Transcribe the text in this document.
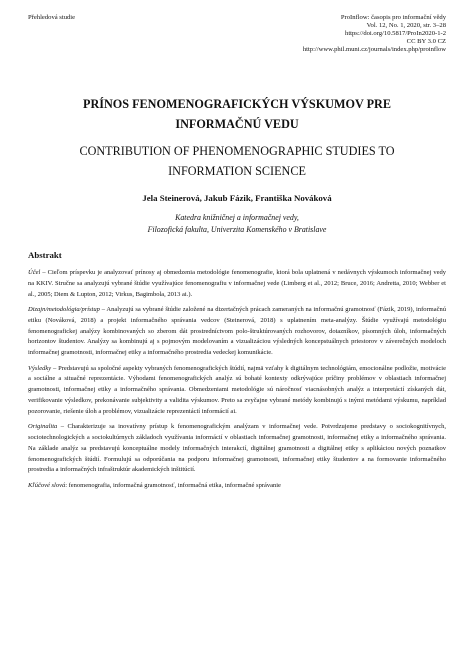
Přehledová studie	ProInflow: časopis pro informační vědy
Vol. 12, No. 1, 2020, str. 3–28
https://doi.org/10.5817/ProIn2020-1-2
CC BY 3.0 CZ
http://www.phil.muni.cz/journals/index.php/proinflow
PRÍNOS FENOMENOGRAFICKÝCH VÝSKUMOV PRE
INFORMAČNÚ VEDU
CONTRIBUTION OF PHENOMENOGRAPHIC STUDIES TO
INFORMATION SCIENCE
Jela Steinerová, Jakub Fázik, Františka Nováková
Katedra knižničnej a informačnej vedy,
Filozofická fakulta, Univerzita Komenského v Bratislave
Abstrakt

Účel – Cieľom príspevku je analyzovať prínosy aj obmedzenia metodológie fenomenografie, ktorá bola uplatnená v nedávnych výskumoch informačnej vedy na KKIV. Stručne sa analyzujú vybrané štúdie využívajúce fenomenografiu v informačnej vede (Limberg et al., 2012; Bruce, 2016; Andretta, 2010; Webber et al., 2005; Diem & Lupton, 2012; Virkus, Bagimbola, 2013 ai.).

Dizajn/metodológia/prístup – Analyzujú sa vybrané štúdie založené na dizertačných prácach zameraných na informačnú gramotnosť (Fázik, 2019), informačnú etiku (Nováková, 2018) a projekt informačného správania vedcov (Steinerová, 2018) s uplatnením meta-analýzy. Štúdie využívajú metodológiu fenomenografickej analýzy kombinovaných so zberom dát prostredníctvom polo-štruktúrovaných rozhovorov, dotazníkov, písomných úloh, informačných horizontov študentov. Analýzy sa kombinujú aj s pojmovým modelovaním a vizualizáciou výsledných koncepstuálnych priestorov v záverečných modeloch informačnej gramotnosti, informačnej etiky a informačného prostredia vedeckej komunikácie.

Výsledky – Predstavujú sa spoločné aspekty vybraných fenomenografických štúdií, najmä vzťahy k digitálnym technológiám, emocionálne podložie, motivácie a sociálne a situačné reprezentácie. Výhodami fenomenografických analýz sú bohaté kontexty odkrývajúce príčiny problémov v oblastiach informačnej gramotnosti, informačnej etiky a informačného správania. Obmedzeniami metodológie sú náročnosť viacnásobných analýz a interpretácií získaných dát, verifikovanie výsledkov, prekonávanie subjektivity a validita výskumov. Preto sa zvyčajne vybrané metódy kombinujú s inými metódami výskumu, napríklad pozorovanie, riešenie úloh a problémov, vizualizácie reprezentácií informácií ai.

Originalita – Charakterizuje sa inovatívny prístup k fenomenografickým analýzam v informačnej vede. Potvrdzujeme predstavy o sociokognitívnych, sociotechnologických a sociokultúrnych základoch využívania informácií v oblastiach informačnej gramotnosti, informačnej etiky a informačného správania. Na základe analýz sa predstavujú konceptuálne modely informačných interakcií, digitálnej gramotnosti a digitálnej etiky s aplikáciou nových poznatkov fenomenografických štúdií. Formulujú sa odporúčania na podporu informačnej gramotnosti, informačnej etiky študentov a na formovanie informačného prostredia a informačných infraštruktúr akademických inštitúcií.

Kľúčové slová: fenomenografia, informačná gramotnosť, informačná etika, informačné správanie
